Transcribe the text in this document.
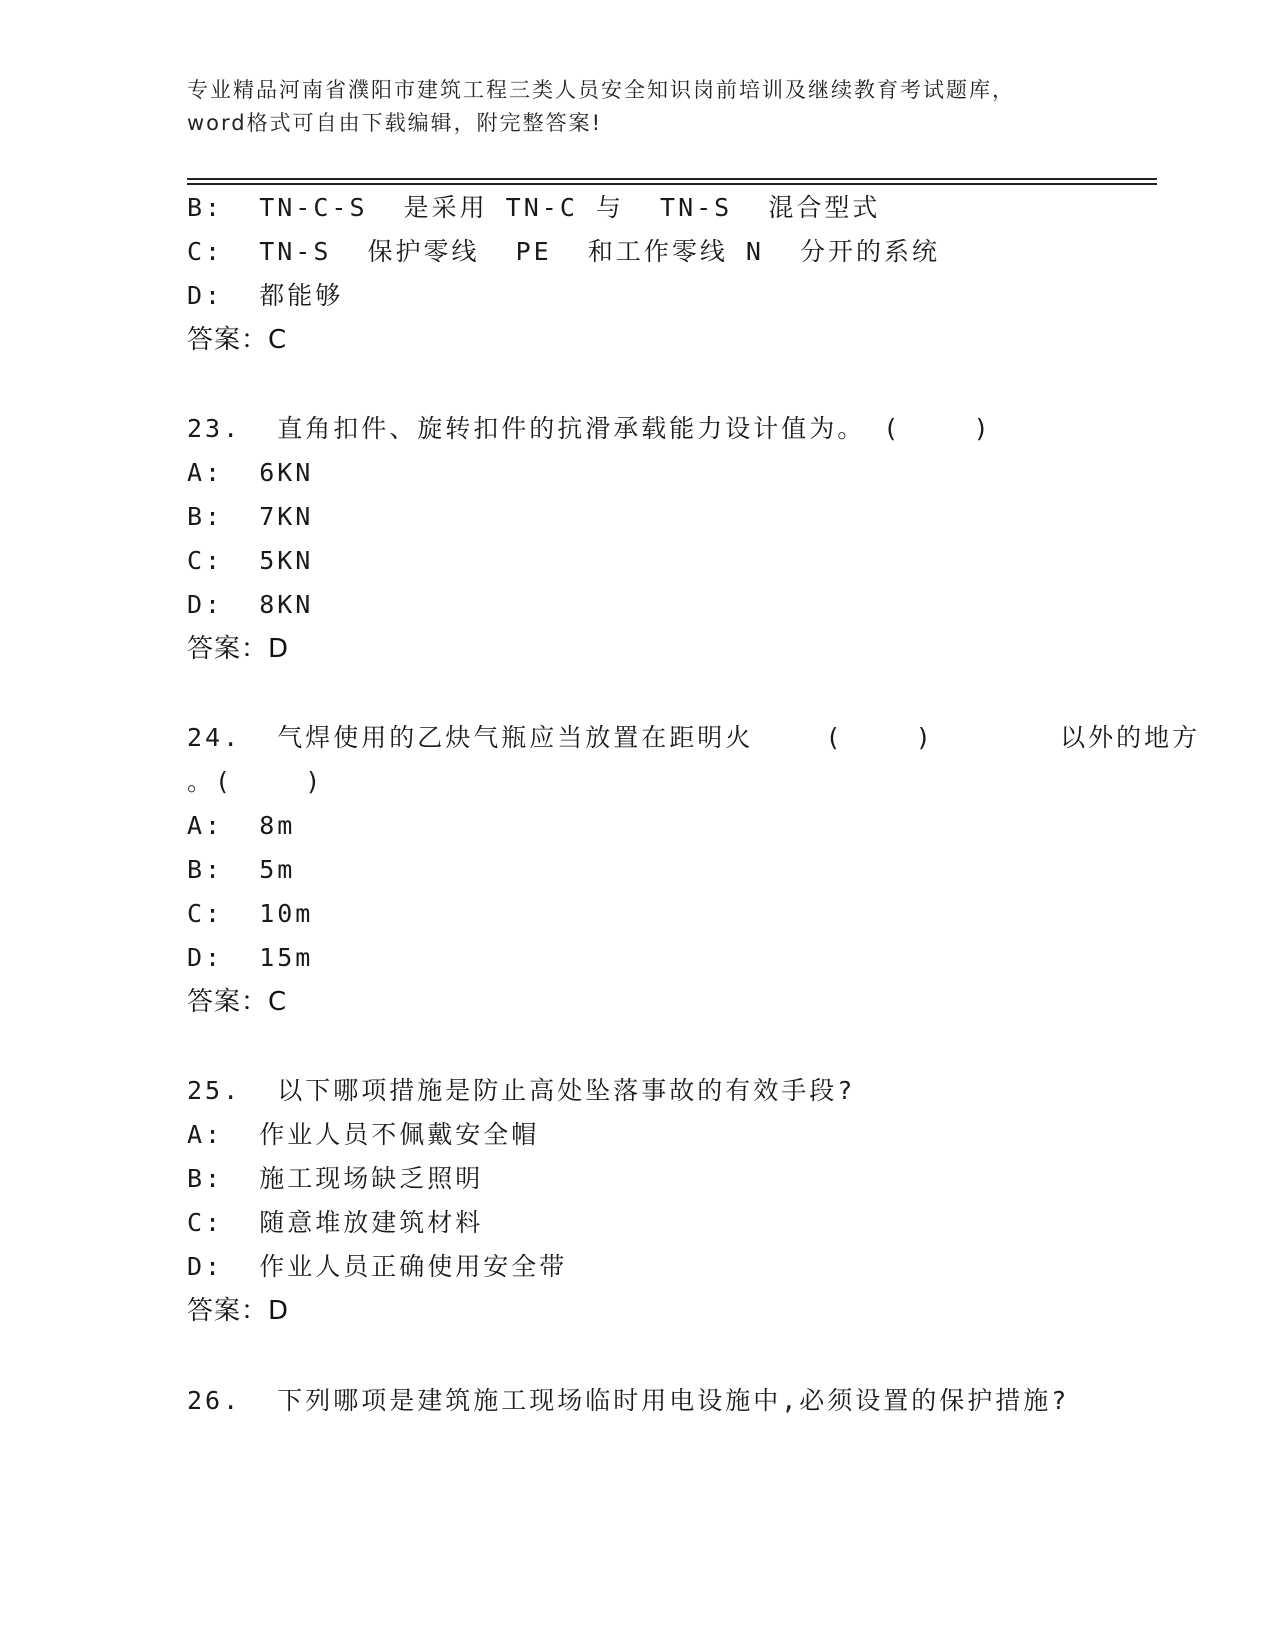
专业精品河南省濮阳市建筑工程三类人员安全知识岗前培训及继续教育考试题库，
word格式可自由下载编辑，附完整答案!
B:  TN-C-S  是采用 TN-C 与  TN-S  混合型式
C:  TN-S  保护零线  PE  和工作零线 N  分开的系统
D:  都能够
答案：C
23.  直角扣件、旋转扣件的抗滑承载能力设计值为。 (    )
A:  6KN
B:  7KN
C:  5KN
D:  8KN
答案：D
24.  气焊使用的乙炔气瓶应当放置在距明火    (    )       以外的地方
。(    )
A:  8m
B:  5m
C:  10m
D:  15m
答案：C
25.  以下哪项措施是防止高处坠落事故的有效手段?
A:  作业人员不佩戴安全帽
B:  施工现场缺乏照明
C:  随意堆放建筑材料
D:  作业人员正确使用安全带
答案：D
26.  下列哪项是建筑施工现场临时用电设施中,必须设置的保护措施?
